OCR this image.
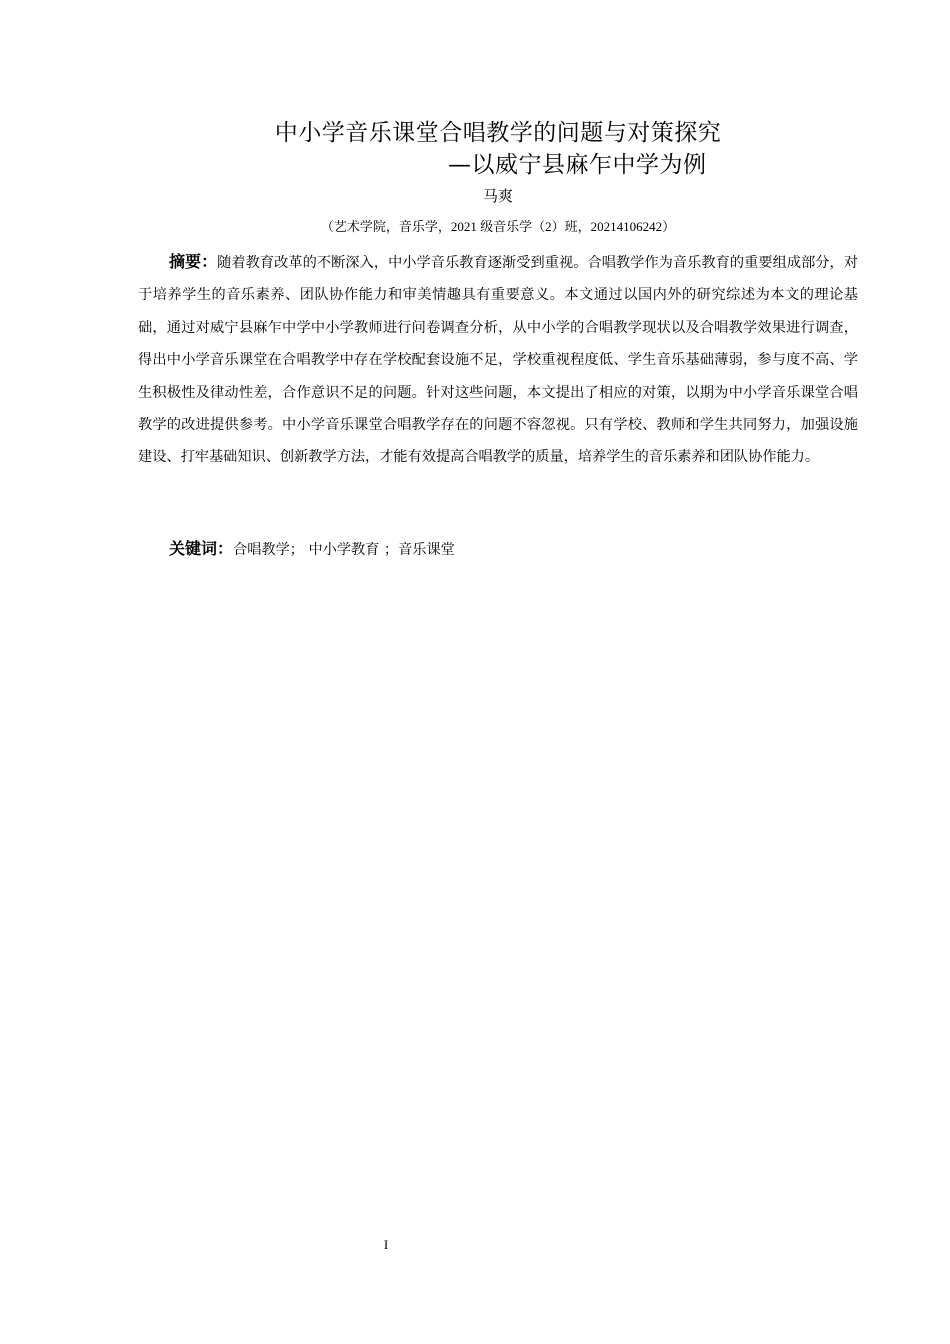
中小学音乐课堂合唱教学的问题与对策探究
—以威宁县麻乍中学为例
马爽
（艺术学院，音乐学，2021 级音乐学（2）班，20214106242）

摘要：随着教育改革的不断深入，中小学音乐教育逐渐受到重视。合唱教学作为音乐教育的重要组成部分，对于培养学生的音乐素养、团队协作能力和审美情趣具有重要意义。本文通过以国内外的研究综述为本文的理论基础，通过对威宁县麻乍中学中小学教师进行问卷调查分析，从中小学的合唱教学现状以及合唱教学效果进行调查，得出中小学音乐课堂在合唱教学中存在学校配套设施不足，学校重视程度低、学生音乐基础薄弱，参与度不高、学生积极性及律动性差，合作意识不足的问题。针对这些问题，本文提出了相应的对策，以期为中小学音乐课堂合唱教学的改进提供参考。中小学音乐课堂合唱教学存在的问题不容忽视。只有学校、教师和学生共同努力，加强设施建设、打牢基础知识、创新教学方法，才能有效提高合唱教学的质量，培养学生的音乐素养和团队协作能力。

关键词：合唱教学； 中小学教育 ；音乐课堂
I
